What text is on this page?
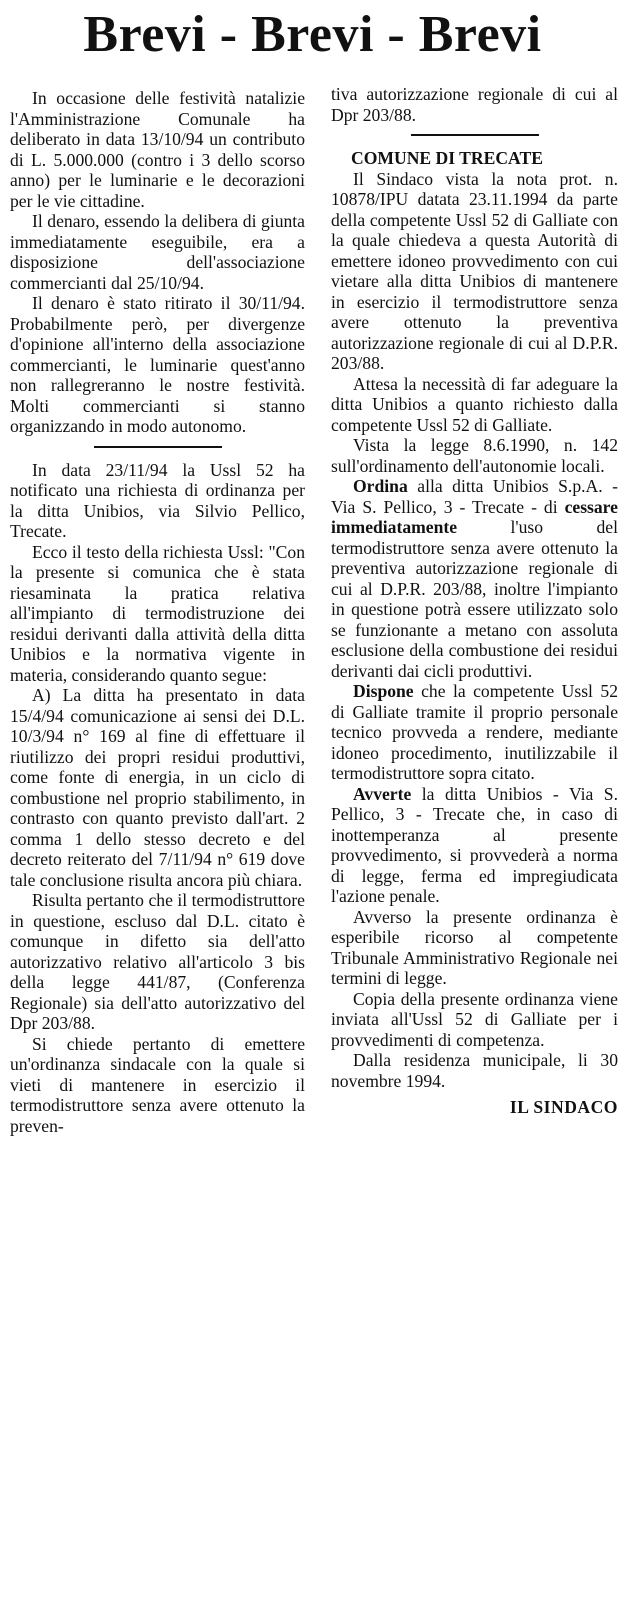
Brevi - Brevi - Brevi

In occasione delle festività natalizie l'Amministrazione Comunale ha deliberato in data 13/10/94 un contributo di L. 5.000.000 (contro i 3 dello scorso anno) per le luminarie e le decorazioni per le vie cittadine.

Il denaro, essendo la delibera di giunta immediatamente eseguibile, era a disposizione dell'associazione commercianti dal 25/10/94.

Il denaro è stato ritirato il 30/11/94. Probabilmente però, per divergenze d'opinione all'interno della associazione commercianti, le luminarie quest'anno non rallegreranno le nostre festività. Molti commercianti si stanno organizzando in modo autonomo.

In data 23/11/94 la Ussl 52 ha notificato una richiesta di ordinanza per la ditta Unibios, via Silvio Pellico, Trecate.

Ecco il testo della richiesta Ussl: "Con la presente si comunica che è stata riesaminata la pratica relativa all'impianto di termodistruzione dei residui derivanti dalla attività della ditta Unibios e la normativa vigente in materia, considerando quanto segue:

A) La ditta ha presentato in data 15/4/94 comunicazione ai sensi dei D.L. 10/3/94 n° 169 al fine di effettuare il riutilizzo dei propri residui produttivi, come fonte di energia, in un ciclo di combustione nel proprio stabilimento, in contrasto con quanto previsto dall'art. 2 comma 1 dello stesso decreto e del decreto reiterato del 7/11/94 n° 619 dove tale conclusione risulta ancora più chiara.

Risulta pertanto che il termodistruttore in questione, escluso dal D.L. citato è comunque in difetto sia dell'atto autorizzativo relativo all'articolo 3 bis della legge 441/87, (Conferenza Regionale) sia dell'atto autorizzativo del Dpr 203/88.

Si chiede pertanto di emettere un'ordinanza sindacale con la quale si vieti di mantenere in esercizio il termodistruttore senza avere ottenuto la preven-

tiva autorizzazione regionale di cui al Dpr 203/88.

COMUNE DI TRECATE

Il Sindaco vista la nota prot. n. 10878/IPU datata 23.11.1994 da parte della competente Ussl 52 di Galliate con la quale chiedeva a questa Autorità di emettere idoneo provvedimento con cui vietare alla ditta Unibios di mantenere in esercizio il termodistruttore senza avere ottenuto la preventiva autorizzazione regionale di cui al D.P.R. 203/88.

Attesa la necessità di far adeguare la ditta Unibios a quanto richiesto dalla competente Ussl 52 di Galliate.

Vista la legge 8.6.1990, n. 142 sull'ordinamento dell'autonomie locali.

Ordina alla ditta Unibios S.p.A. - Via S. Pellico, 3 - Trecate - di cessare immediatamente l'uso del termodistruttore senza avere ottenuto la preventiva autorizzazione regionale di cui al D.P.R. 203/88, inoltre l'impianto in questione potrà essere utilizzato solo se funzionante a metano con assoluta esclusione della combustione dei residui derivanti dai cicli produttivi.

Dispone che la competente Ussl 52 di Galliate tramite il proprio personale tecnico provveda a rendere, mediante idoneo procedimento, inutilizzabile il termodistruttore sopra citato.

Avverte la ditta Unibios - Via S. Pellico, 3 - Trecate che, in caso di inottemperanza al presente provvedimento, si provvederà a norma di legge, ferma ed impregiudicata l'azione penale.

Avverso la presente ordinanza è esperibile ricorso al competente Tribunale Amministrativo Regionale nei termini di legge.

Copia della presente ordinanza viene inviata all'Ussl 52 di Galliate per i provvedimenti di competenza.

Dalla residenza municipale, li 30 novembre 1994.

IL SINDACO
